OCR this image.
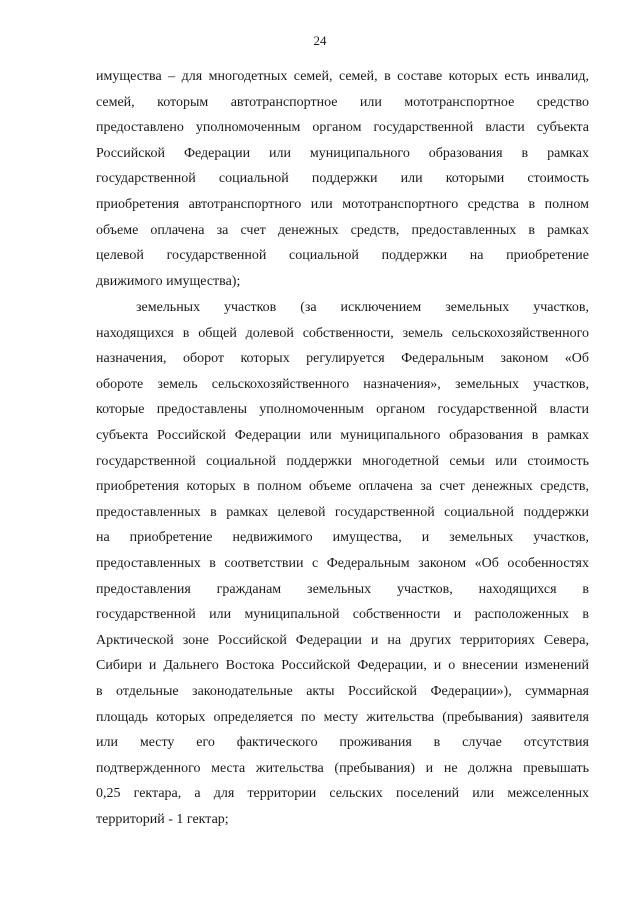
24
имущества – для многодетных семей, семей, в составе которых есть инвалид,
семей, которым автотранспортное или мототранспортное средство
предоставлено уполномоченным органом государственной власти субъекта
Российской Федерации или муниципального образования в рамках
государственной социальной поддержки или которыми стоимость
приобретения автотранспортного или мототранспортного средства в полном
объеме оплачена за счет денежных средств, предоставленных в рамках
целевой государственной социальной поддержки на приобретение
движимого имущества);
земельных участков (за исключением земельных участков,
находящихся в общей долевой собственности, земель сельскохозяйственного
назначения, оборот которых регулируется Федеральным законом «Об
обороте земель сельскохозяйственного назначения», земельных участков,
которые предоставлены уполномоченным органом государственной власти
субъекта Российской Федерации или муниципального образования в рамках
государственной социальной поддержки многодетной семьи или стоимость
приобретения которых в полном объеме оплачена за счет денежных средств,
предоставленных в рамках целевой государственной социальной поддержки
на приобретение недвижимого имущества, и земельных участков,
предоставленных в соответствии с Федеральным законом «Об особенностях
предоставления гражданам земельных участков, находящихся в
государственной или муниципальной собственности и расположенных в
Арктической зоне Российской Федерации и на других территориях Севера,
Сибири и Дальнего Востока Российской Федерации, и о внесении изменений
в отдельные законодательные акты Российской Федерации»), суммарная
площадь которых определяется по месту жительства (пребывания) заявителя
или месту его фактического проживания в случае отсутствия
подтвержденного места жительства (пребывания) и не должна превышать
0,25 гектара, а для территории сельских поселений или межселенных
территорий - 1 гектар;
